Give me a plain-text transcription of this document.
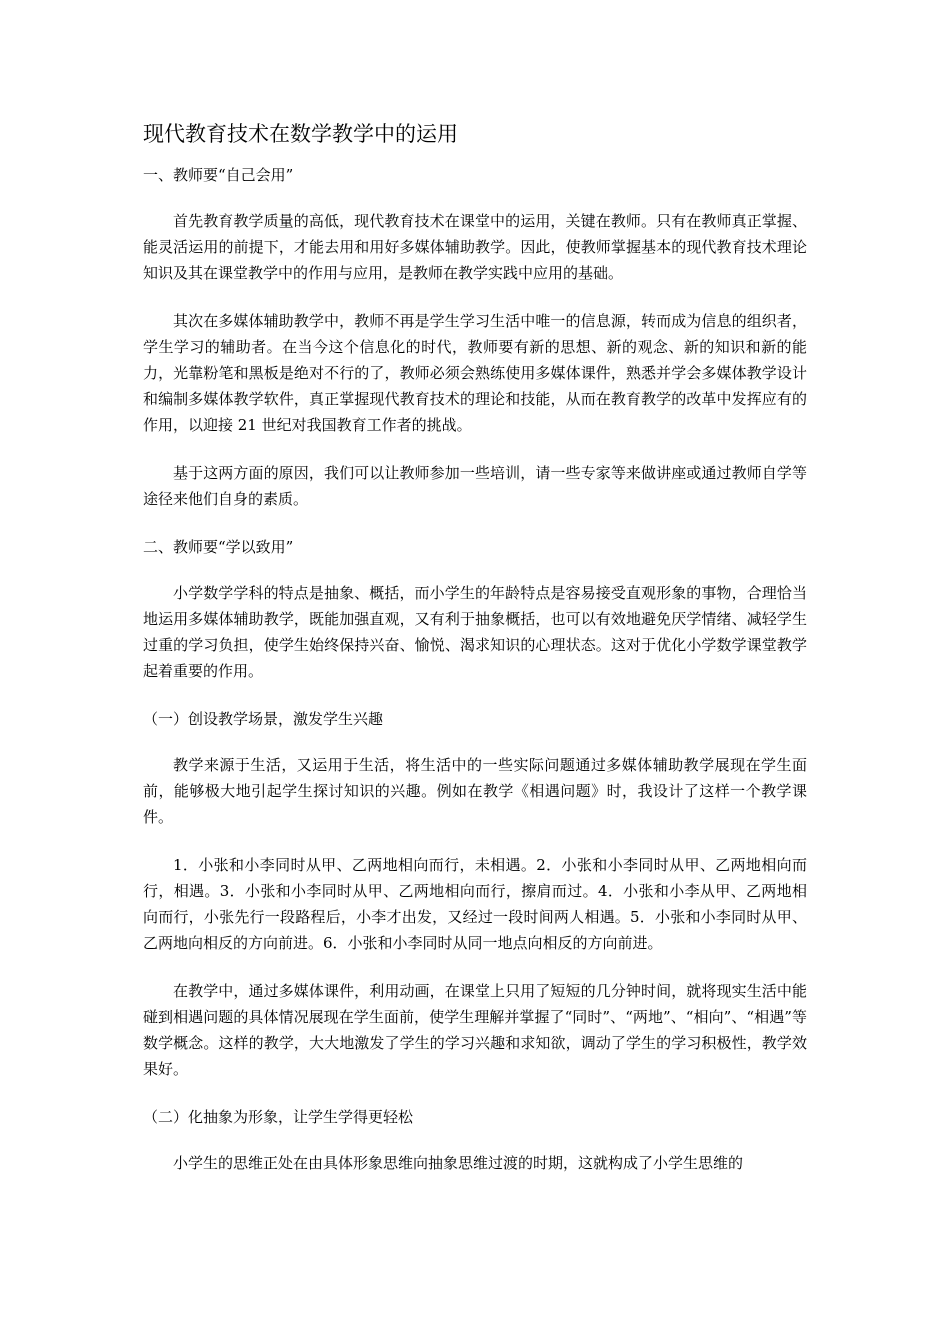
现代教育技术在数学教学中的运用

一、教师要“自己会用”

首先教育教学质量的高低，现代教育技术在课堂中的运用，关键在教师。只有在教师真正掌握、能灵活运用的前提下，才能去用和用好多媒体辅助教学。因此，使教师掌握基本的现代教育技术理论知识及其在课堂教学中的作用与应用，是教师在教学实践中应用的基础。

其次在多媒体辅助教学中，教师不再是学生学习生活中唯一的信息源，转而成为信息的组织者，学生学习的辅助者。在当今这个信息化的时代，教师要有新的思想、新的观念、新的知识和新的能力，光靠粉笔和黑板是绝对不行的了，教师必须会熟练使用多媒体课件，熟悉并学会多媒体教学设计和编制多媒体教学软件，真正掌握现代教育技术的理论和技能，从而在教育教学的改革中发挥应有的作用，以迎接 21 世纪对我国教育工作者的挑战。

基于这两方面的原因，我们可以让教师参加一些培训，请一些专家等来做讲座或通过教师自学等途径来他们自身的素质。

二、教师要“学以致用”

小学数学学科的特点是抽象、概括，而小学生的年龄特点是容易接受直观形象的事物，合理恰当地运用多媒体辅助教学，既能加强直观，又有利于抽象概括，也可以有效地避免厌学情绪、减轻学生过重的学习负担，使学生始终保持兴奋、愉悦、渴求知识的心理状态。这对于优化小学数学课堂教学起着重要的作用。

（一）创设教学场景，激发学生兴趣

教学来源于生活，又运用于生活，将生活中的一些实际问题通过多媒体辅助教学展现在学生面前，能够极大地引起学生探讨知识的兴趣。例如在教学《相遇问题》时，我设计了这样一个教学课件。

1．小张和小李同时从甲、乙两地相向而行，未相遇。2．小张和小李同时从甲、乙两地相向而行，相遇。3．小张和小李同时从甲、乙两地相向而行，擦肩而过。4．小张和小李从甲、乙两地相向而行，小张先行一段路程后，小李才出发，又经过一段时间两人相遇。5．小张和小李同时从甲、乙两地向相反的方向前进。6．小张和小李同时从同一地点向相反的方向前进。

在教学中，通过多媒体课件，利用动画，在课堂上只用了短短的几分钟时间，就将现实生活中能碰到相遇问题的具体情况展现在学生面前，使学生理解并掌握了“同时”、“两地”、“相向”、“相遇”等数学概念。这样的教学，大大地激发了学生的学习兴趣和求知欲，调动了学生的学习积极性，教学效果好。

（二）化抽象为形象，让学生学得更轻松

小学生的思维正处在由具体形象思维向抽象思维过渡的时期，这就构成了小学生思维的
